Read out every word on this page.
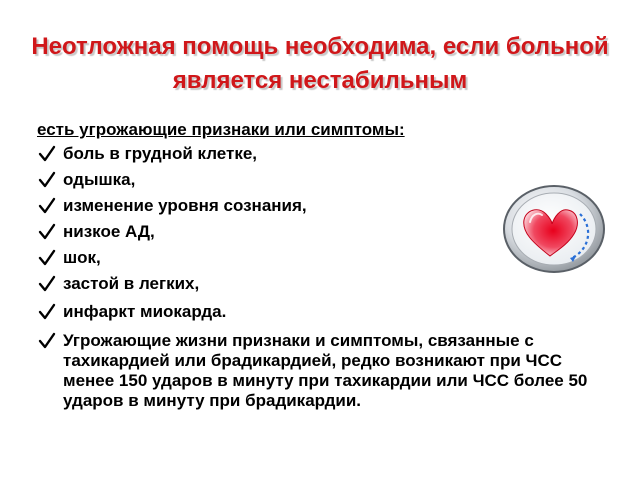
Неотложная помощь необходима, если больной является нестабильным
есть угрожающие признаки или симптомы:
боль в грудной клетке,
одышка,
изменение уровня сознания,
низкое АД,
шок,
застой в легких,
инфаркт миокарда.
Угрожающие жизни признаки и симптомы, связанные с тахикардией или брадикардией, редко возникают при ЧСС менее 150 ударов в минуту при тахикардии или ЧСС более 50 ударов в минуту при брадикардии.
